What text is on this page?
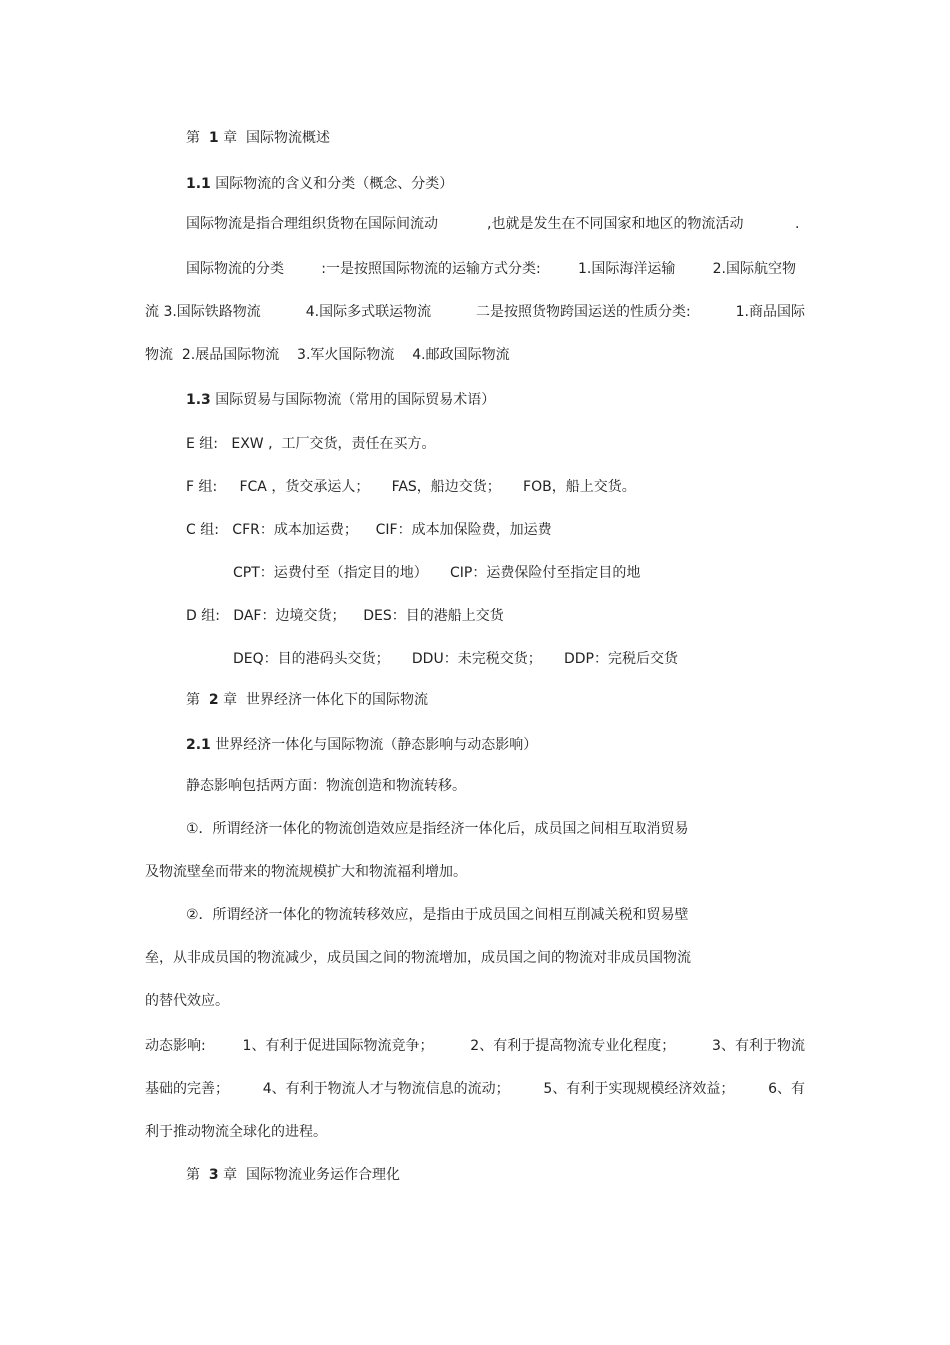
第  1 章  国际物流概述
1.1 国际物流的含义和分类（概念、分类）
国际物流是指合理组织货物在国际间流动	,也就是发生在不同国家和地区的物流活动	.
国际物流的分类	:一是按照国际物流的运输方式分类:	1.国际海洋运输	2.国际航空物
流 3.国际铁路物流	4.国际多式联运物流	二是按照货物跨国运送的性质分类:	1.商品国际
物流  2.展品国际物流    3.军火国际物流    4.邮政国际物流
1.3 国际贸易与国际物流（常用的国际贸易术语）
E 组:   EXW ,  工厂交货，责任在买方。
F 组:     FCA ，货交承运人；     FAS，船边交货；     FOB，船上交货。
C 组:   CFR：成本加运费；    CIF：成本加保险费，加运费
CPT：运费付至（指定目的地）     CIP：运费保险付至指定目的地
D 组:   DAF：边境交货；    DES：目的港船上交货
DEQ：目的港码头交货；     DDU：未完税交货；     DDP：完税后交货
第  2 章  世界经济一体化下的国际物流
2.1 世界经济一体化与国际物流（静态影响与动态影响）
静态影响包括两方面：物流创造和物流转移。
①．所谓经济一体化的物流创造效应是指经济一体化后，成员国之间相互取消贸易
及物流壁垒而带来的物流规模扩大和物流福利增加。
②．所谓经济一体化的物流转移效应，是指由于成员国之间相互削减关税和贸易壁
垒，从非成员国的物流减少，成员国之间的物流增加，成员国之间的物流对非成员国物流
的替代效应。
动态影响:	1、有利于促进国际物流竞争；	2、有利于提高物流专业化程度；	3、有利于物流
基础的完善； 4、有利于物流人才与物流信息的流动； 5、有利于实现规模经济效益； 6、有
利于推动物流全球化的进程。
第  3 章  国际物流业务运作合理化
